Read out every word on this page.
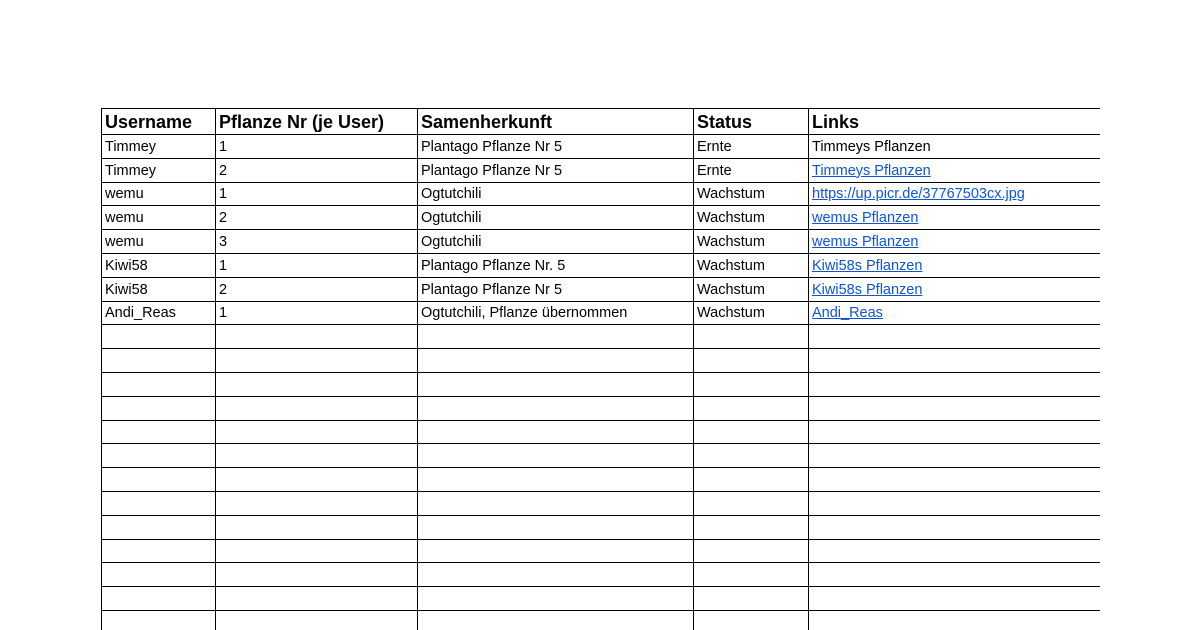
Username	Pflanze Nr (je User)	Samenherkunft	Status	Links
Timmey	1	Plantago Pflanze Nr 5	Ernte	Timmeys Pflanzen
Timmey	2	Plantago Pflanze Nr 5	Ernte	Timmeys Pflanzen
wemu	1	Ogtutchili	Wachstum	https://up.picr.de/37767503cx.jpg
wemu	2	Ogtutchili	Wachstum	wemus Pflanzen
wemu	3	Ogtutchili	Wachstum	wemus Pflanzen
Kiwi58	1	Plantago Pflanze Nr. 5	Wachstum	Kiwi58s Pflanzen
Kiwi58	2	Plantago Pflanze Nr 5	Wachstum	Kiwi58s Pflanzen
Andi_Reas	1	Ogtutchili, Pflanze übernommen	Wachstum	Andi_Reas
